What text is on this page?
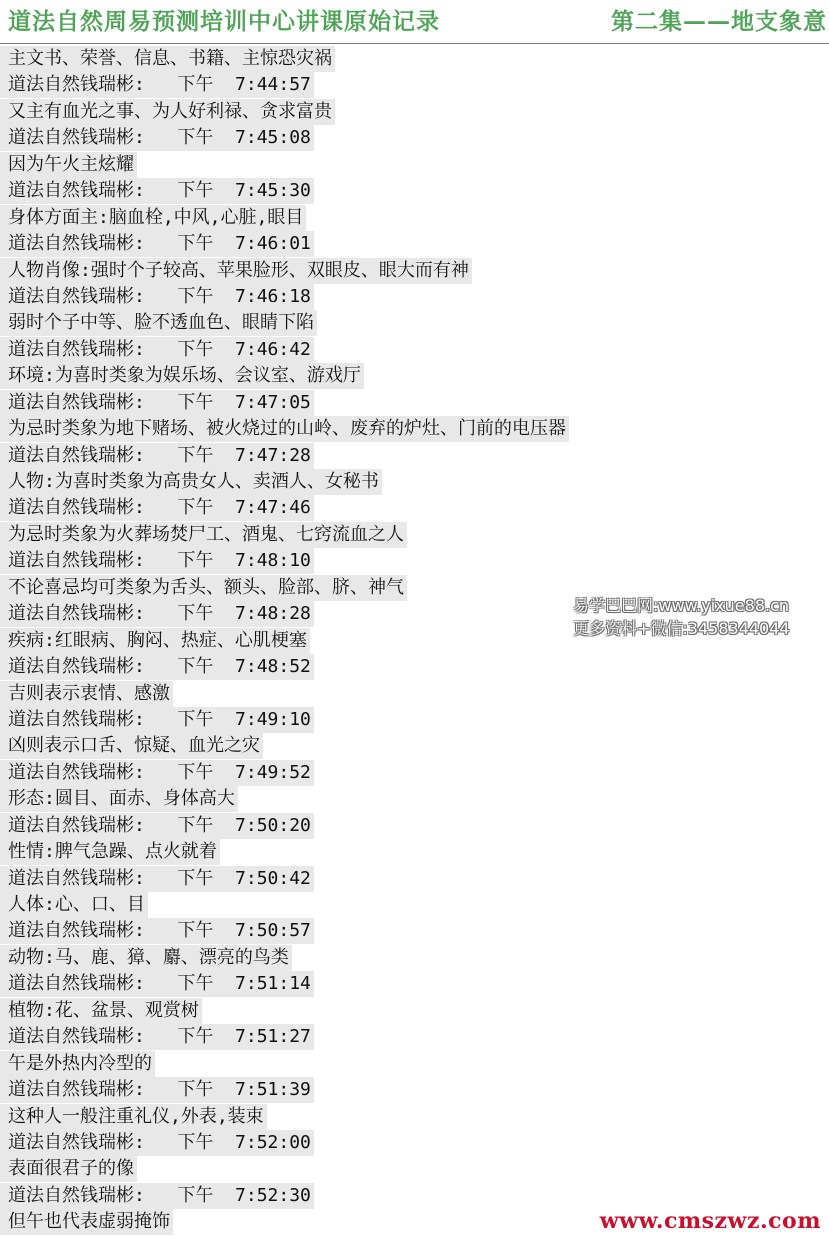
道法自然周易预测培训中心讲课原始记录	第二集——地支象意
主文书、荣誉、信息、书籍、主惊恐灾祸
道法自然钱瑞彬:   下午  7:44:57
又主有血光之事、为人好利禄、贪求富贵
道法自然钱瑞彬:   下午  7:45:08
因为午火主炫耀
道法自然钱瑞彬:   下午  7:45:30
身体方面主:脑血栓,中风,心脏,眼目
道法自然钱瑞彬:   下午  7:46:01
人物肖像:强时个子较高、苹果脸形、双眼皮、眼大而有神
道法自然钱瑞彬:   下午  7:46:18
弱时个子中等、脸不透血色、眼睛下陷
道法自然钱瑞彬:   下午  7:46:42
环境:为喜时类象为娱乐场、会议室、游戏厅
道法自然钱瑞彬:   下午  7:47:05
为忌时类象为地下赌场、被火烧过的山岭、废弃的炉灶、门前的电压器
道法自然钱瑞彬:   下午  7:47:28
人物:为喜时类象为高贵女人、卖酒人、女秘书
道法自然钱瑞彬:   下午  7:47:46
为忌时类象为火葬场焚尸工、酒鬼、七窍流血之人
道法自然钱瑞彬:   下午  7:48:10
不论喜忌均可类象为舌头、额头、脸部、脐、神气
道法自然钱瑞彬:   下午  7:48:28
疾病:红眼病、胸闷、热症、心肌梗塞
道法自然钱瑞彬:   下午  7:48:52
吉则表示衷情、感激
道法自然钱瑞彬:   下午  7:49:10
凶则表示口舌、惊疑、血光之灾
道法自然钱瑞彬:   下午  7:49:52
形态:圆目、面赤、身体高大
道法自然钱瑞彬:   下午  7:50:20
性情:脾气急躁、点火就着
道法自然钱瑞彬:   下午  7:50:42
人体:心、口、目
道法自然钱瑞彬:   下午  7:50:57
动物:马、鹿、獐、麝、漂亮的鸟类
道法自然钱瑞彬:   下午  7:51:14
植物:花、盆景、观赏树
道法自然钱瑞彬:   下午  7:51:27
午是外热内冷型的
道法自然钱瑞彬:   下午  7:51:39
这种人一般注重礼仪,外表,装束
道法自然钱瑞彬:   下午  7:52:00
表面很君子的像
道法自然钱瑞彬:   下午  7:52:30
但午也代表虚弱掩饰
易学巴巴网:www.yixue88.cn
更多资料+微信:3458344044
www.cmszwz.com
